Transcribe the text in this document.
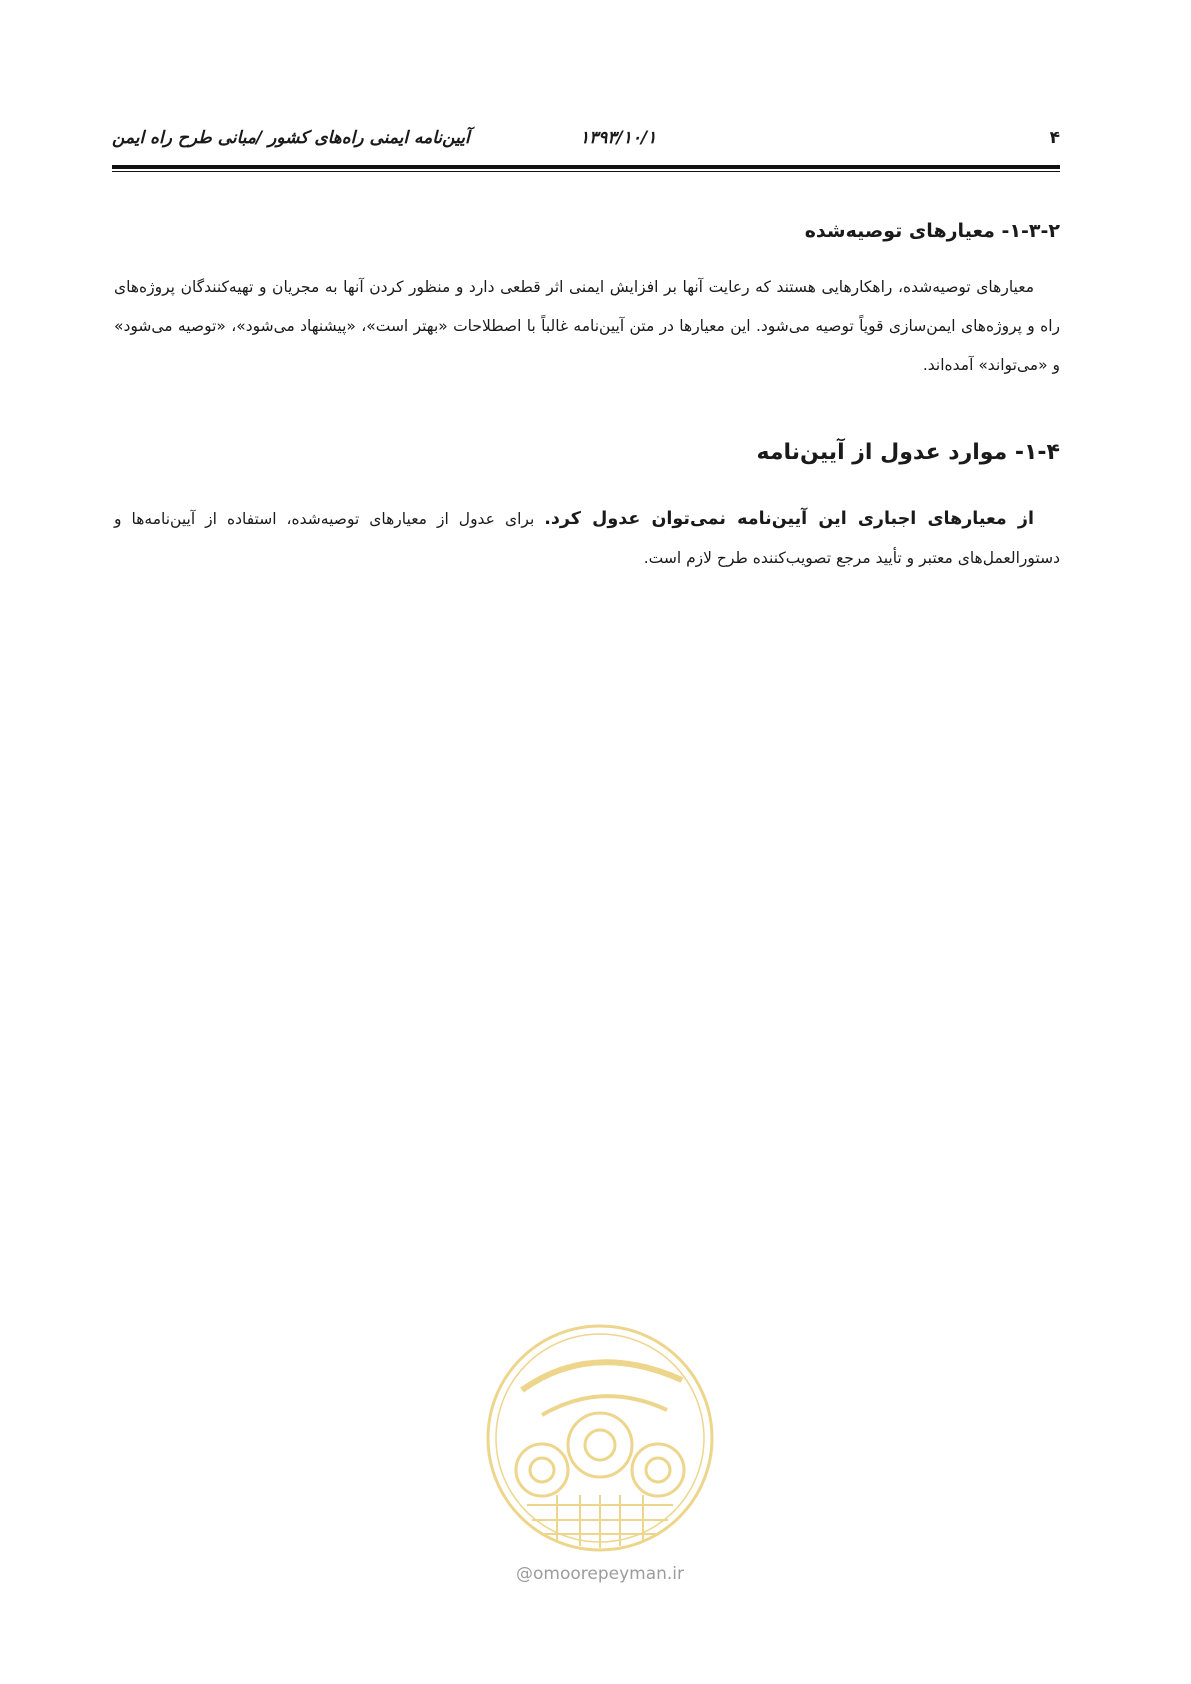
آیین‌نامه ایمنی راه‌های کشور /مبانی طرح راه ایمن	۱۳۹۳/۱۰/۱	۴
۱-۳-۲- معیارهای توصیه‌شده

معیارهای توصیه‌شده، راهکارهایی هستند که رعایت آنها بر افزایش ایمنی اثر قطعی دارد و منظور کردن آنها به مجریان و تهیه‌کنندگان پروژه‌های راه و پروژه‌های ایمن‌سازی قویاً توصیه می‌شود. این معیارها در متن آیین‌نامه غالباً با اصطلاحات «بهتر است»، «پیشنهاد می‌شود»، «توصیه می‌شود» و «می‌تواند» آمده‌اند.

۱-۴- موارد عدول از آیین‌نامه

از معیارهای اجباری این آیین‌نامه نمی‌توان عدول کرد. برای عدول از معیارهای توصیه‌شده، استفاده از آیین‌نامه‌ها و دستورالعمل‌های معتبر و تأیید مرجع تصویب‌کننده طرح لازم است.

@omoorepeyman.ir
